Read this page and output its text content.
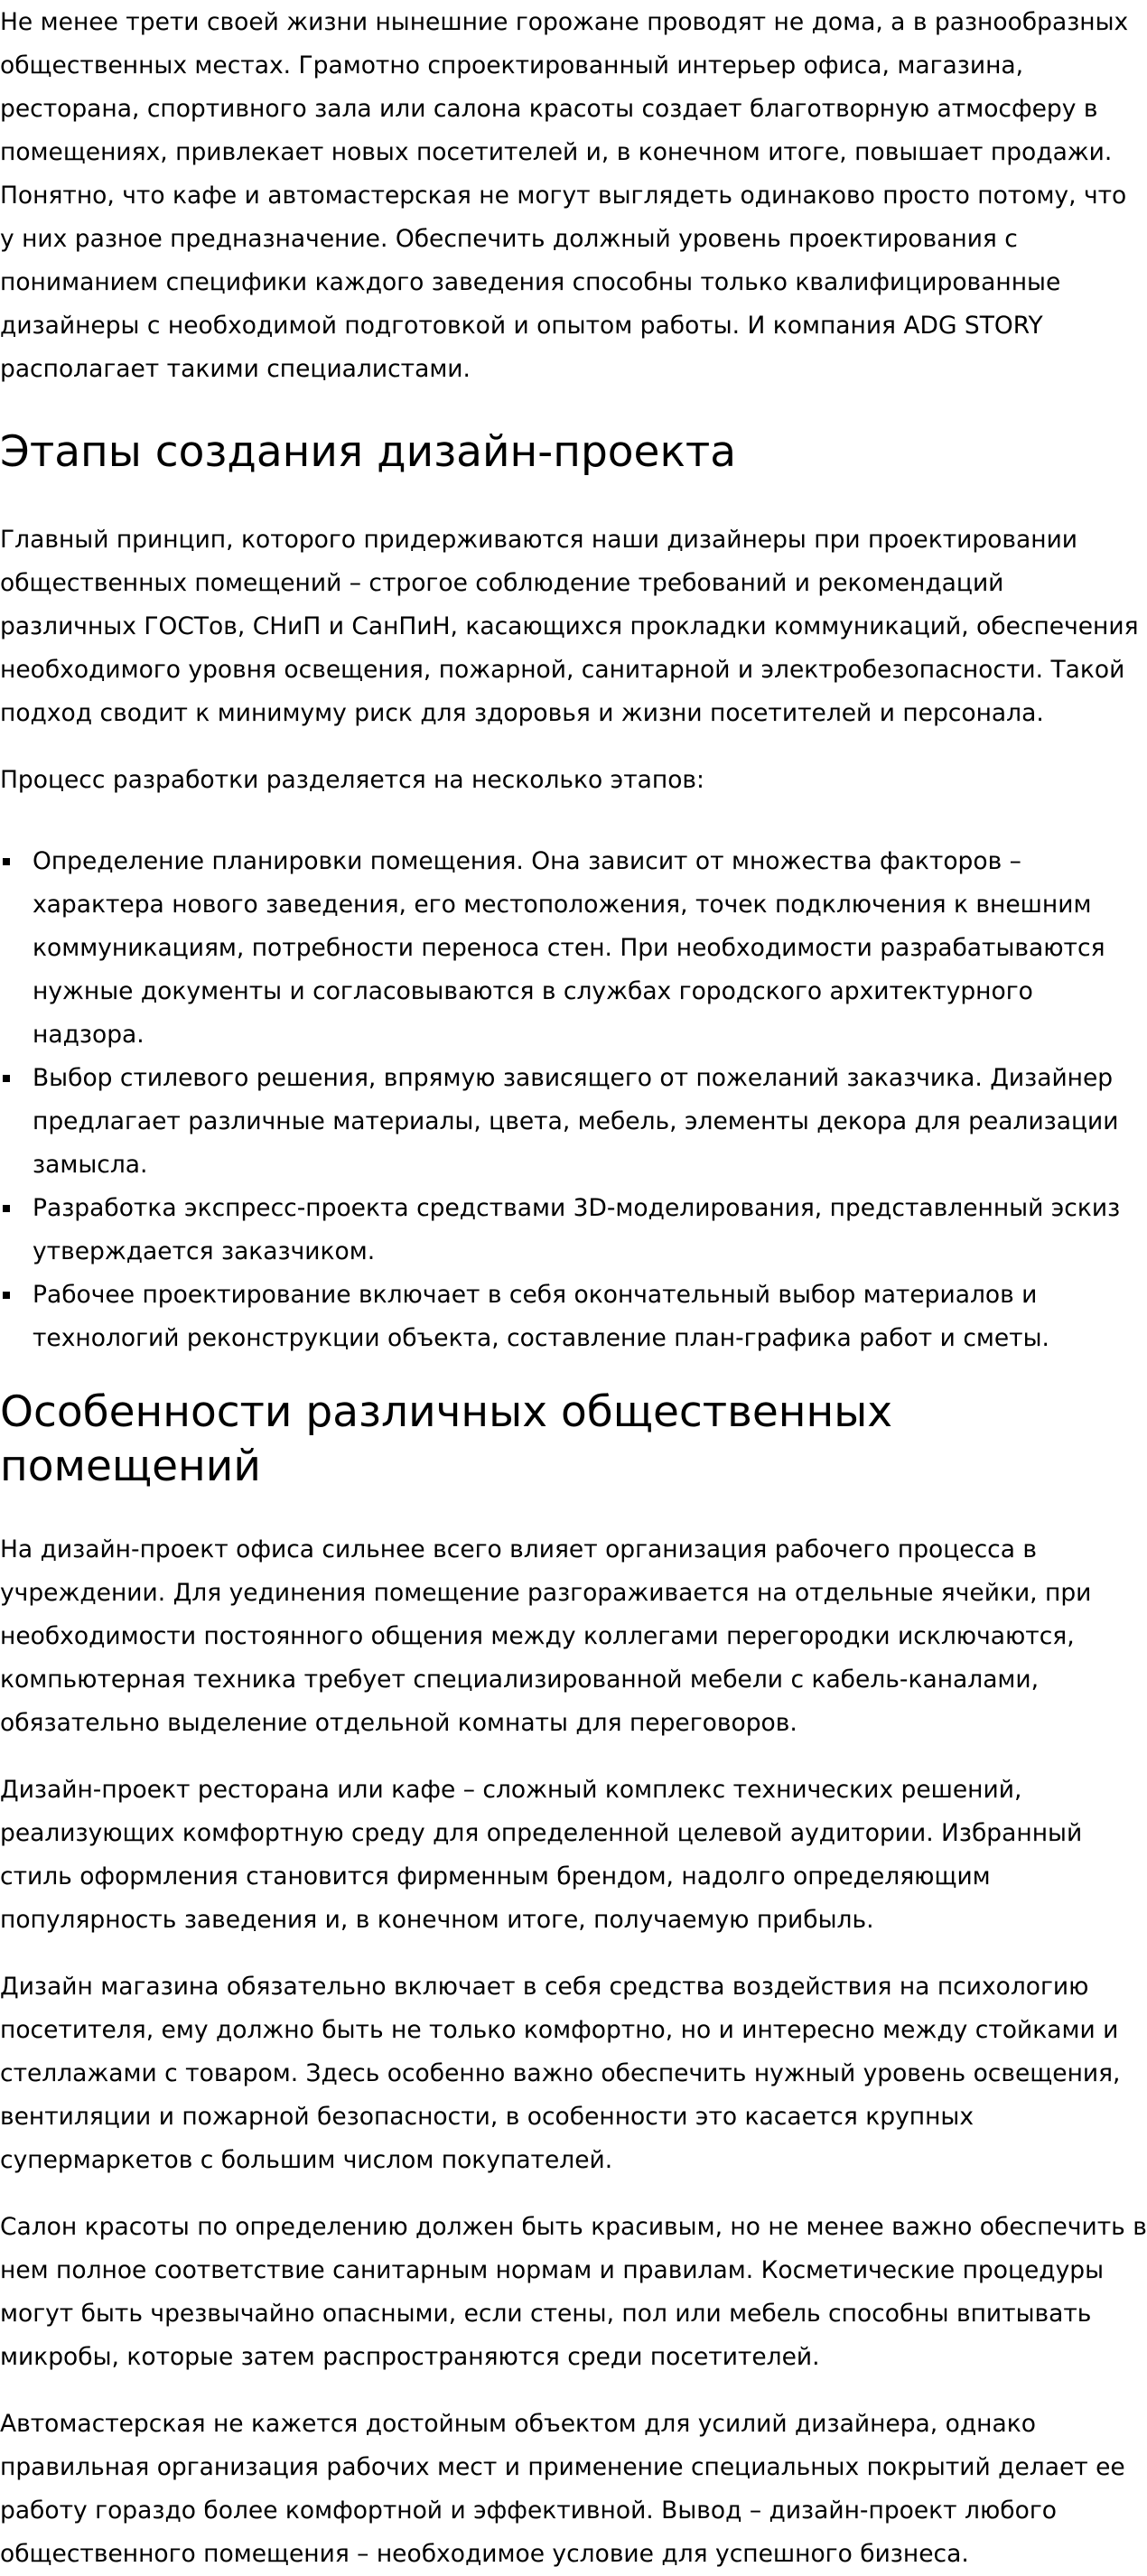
Не менее трети своей жизни нынешние горожане проводят не дома, а в разнообразных общественных местах. Грамотно спроектированный интерьер офиса, магазина, ресторана, спортивного зала или салона красоты создает благотворную атмосферу в помещениях, привлекает новых посетителей и, в конечном итоге, повышает продажи. Понятно, что кафе и автомастерская не могут выглядеть одинаково просто потому, что у них разное предназначение. Обеспечить должный уровень проектирования с пониманием специфики каждого заведения способны только квалифицированные дизайнеры с необходимой подготовкой и опытом работы. И компания ADG STORY располагает такими специалистами.

Этапы создания дизайн-проекта

Главный принцип, которого придерживаются наши дизайнеры при проектировании общественных помещений – строгое соблюдение требований и рекомендаций различных ГОСТов, СНиП и СанПиН, касающихся прокладки коммуникаций, обеспечения необходимого уровня освещения, пожарной, санитарной и электробезопасности. Такой подход сводит к минимуму риск для здоровья и жизни посетителей и персонала.

Процесс разработки разделяется на несколько этапов:

Определение планировки помещения. Она зависит от множества факторов – характера нового заведения, его местоположения, точек подключения к внешним коммуникациям, потребности переноса стен. При необходимости разрабатываются нужные документы и согласовываются в службах городского архитектурного надзора.
Выбор стилевого решения, впрямую зависящего от пожеланий заказчика. Дизайнер предлагает различные материалы, цвета, мебель, элементы декора для реализации замысла.
Разработка экспресс-проекта средствами 3D-моделирования, представленный эскиз утверждается заказчиком.
Рабочее проектирование включает в себя окончательный выбор материалов и технологий реконструкции объекта, составление план-графика работ и сметы.
Особенности различных общественных помещений

На дизайн-проект офиса сильнее всего влияет организация рабочего процесса в учреждении. Для уединения помещение разгораживается на отдельные ячейки, при необходимости постоянного общения между коллегами перегородки исключаются, компьютерная техника требует специализированной мебели с кабель-каналами, обязательно выделение отдельной комнаты для переговоров.

Дизайн-проект ресторана или кафе – сложный комплекс технических решений, реализующих комфортную среду для определенной целевой аудитории. Избранный стиль оформления становится фирменным брендом, надолго определяющим популярность заведения и, в конечном итоге, получаемую прибыль.

Дизайн магазина обязательно включает в себя средства воздействия на психологию посетителя, ему должно быть не только комфортно, но и интересно между стойками и стеллажами с товаром. Здесь особенно важно обеспечить нужный уровень освещения, вентиляции и пожарной безопасности, в особенности это касается крупных супермаркетов с большим числом покупателей.

Салон красоты по определению должен быть красивым, но не менее важно обеспечить в нем полное соответствие санитарным нормам и правилам. Косметические процедуры могут быть чрезвычайно опасными, если стены, пол или мебель способны впитывать микробы, которые затем распространяются среди посетителей.

Автомастерская не кажется достойным объектом для усилий дизайнера, однако правильная организация рабочих мест и применение специальных покрытий делает ее работу гораздо более комфортной и эффективной. Вывод – дизайн-проект любого общественного помещения – необходимое условие для успешного бизнеса.
